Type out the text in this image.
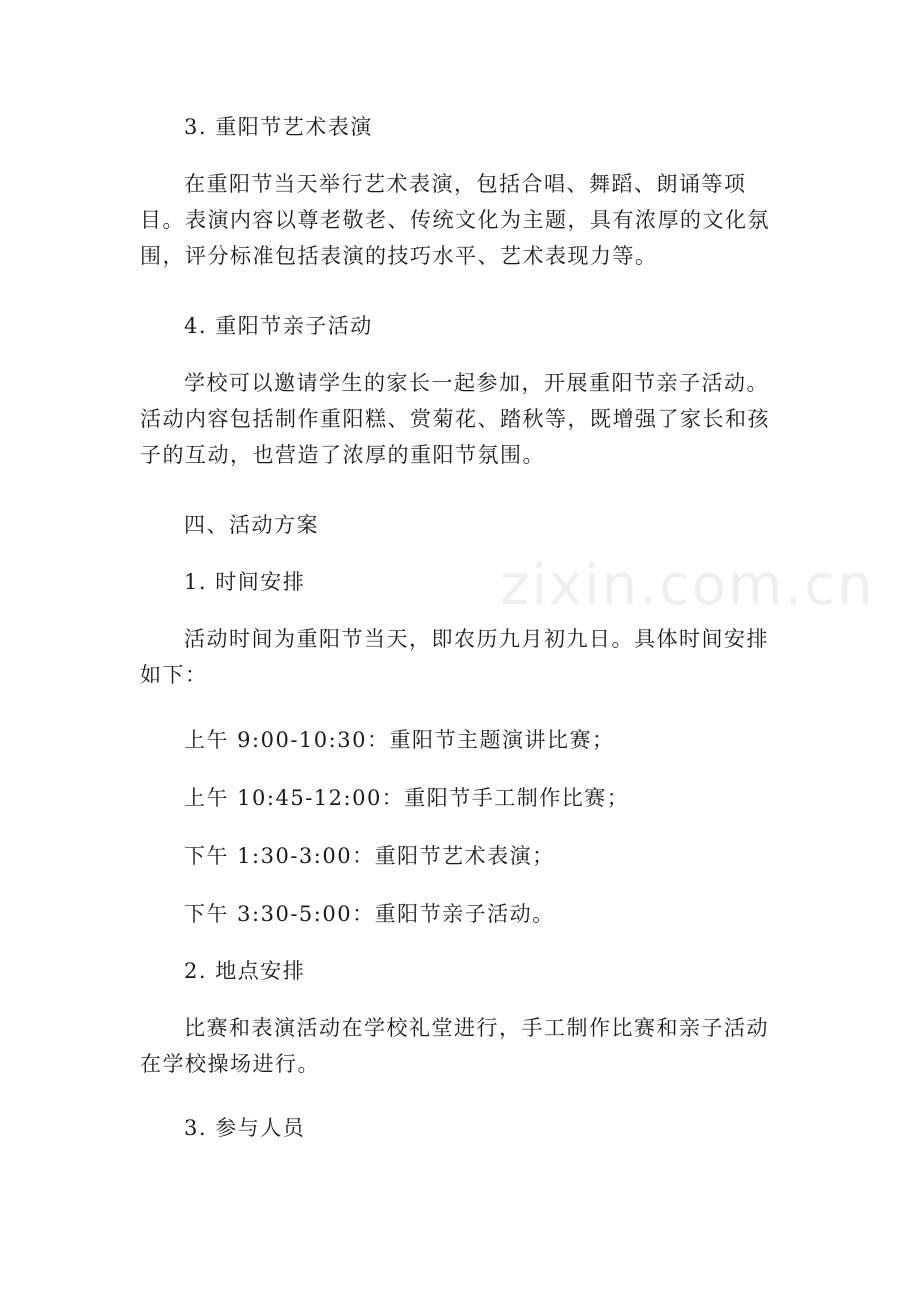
3. 重阳节艺术表演

在重阳节当天举行艺术表演，包括合唱、舞蹈、朗诵等项目。表演内容以尊老敬老、传统文化为主题，具有浓厚的文化氛围，评分标准包括表演的技巧水平、艺术表现力等。

4. 重阳节亲子活动

学校可以邀请学生的家长一起参加，开展重阳节亲子活动。活动内容包括制作重阳糕、赏菊花、踏秋等，既增强了家长和孩子的互动，也营造了浓厚的重阳节氛围。

四、活动方案

1. 时间安排

活动时间为重阳节当天，即农历九月初九日。具体时间安排如下：

上午 9:00-10:30：重阳节主题演讲比赛；

上午 10:45-12:00：重阳节手工制作比赛；

下午 1:30-3:00：重阳节艺术表演；

下午 3:30-5:00：重阳节亲子活动。

2. 地点安排

比赛和表演活动在学校礼堂进行，手工制作比赛和亲子活动在学校操场进行。

3. 参与人员

zixin.com.cn
